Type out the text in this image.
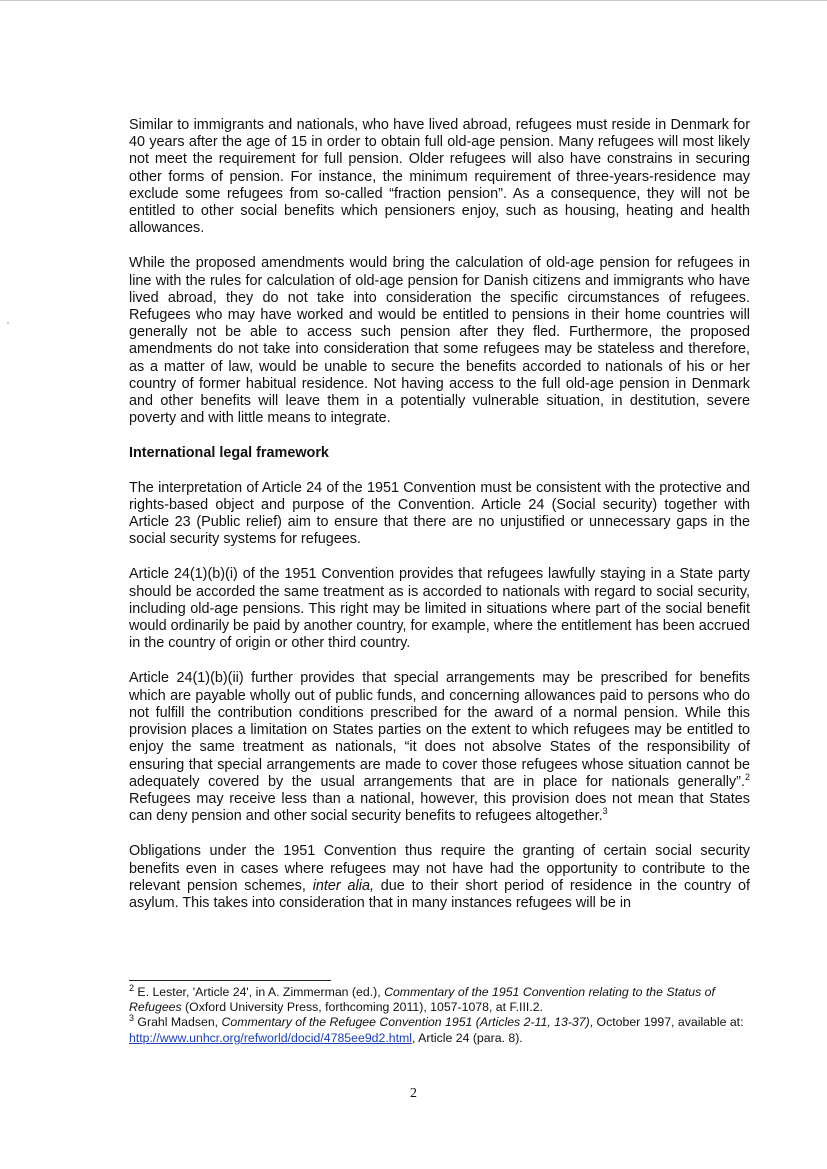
Similar to immigrants and nationals, who have lived abroad, refugees must reside in Denmark for 40 years after the age of 15 in order to obtain full old-age pension. Many refugees will most likely not meet the requirement for full pension. Older refugees will also have constrains in securing other forms of pension. For instance, the minimum requirement of three-years-residence may exclude some refugees from so-called “fraction pension”. As a consequence, they will not be entitled to other social benefits which pensioners enjoy, such as housing, heating and health allowances.

While the proposed amendments would bring the calculation of old-age pension for refugees in line with the rules for calculation of old-age pension for Danish citizens and immigrants who have lived abroad, they do not take into consideration the specific circumstances of refugees. Refugees who may have worked and would be entitled to pensions in their home countries will generally not be able to access such pension after they fled. Furthermore, the proposed amendments do not take into consideration that some refugees may be stateless and therefore, as a matter of law, would be unable to secure the benefits accorded to nationals of his or her country of former habitual residence. Not having access to the full old-age pension in Denmark and other benefits will leave them in a potentially vulnerable situation, in destitution, severe poverty and with little means to integrate.

International legal framework

The interpretation of Article 24 of the 1951 Convention must be consistent with the protective and rights-based object and purpose of the Convention. Article 24 (Social security) together with Article 23 (Public relief) aim to ensure that there are no unjustified or unnecessary gaps in the social security systems for refugees.

Article 24(1)(b)(i) of the 1951 Convention provides that refugees lawfully staying in a State party should be accorded the same treatment as is accorded to nationals with regard to social security, including old-age pensions. This right may be limited in situations where part of the social benefit would ordinarily be paid by another country, for example, where the entitlement has been accrued in the country of origin or other third country.

Article 24(1)(b)(ii) further provides that special arrangements may be prescribed for benefits which are payable wholly out of public funds, and concerning allowances paid to persons who do not fulfill the contribution conditions prescribed for the award of a normal pension. While this provision places a limitation on States parties on the extent to which refugees may be entitled to enjoy the same treatment as nationals, “it does not absolve States of the responsibility of ensuring that special arrangements are made to cover those refugees whose situation cannot be adequately covered by the usual arrangements that are in place for nationals generally”.$^2$ Refugees may receive less than a national, however, this provision does not mean that States can deny pension and other social security benefits to refugees altogether.$^3$

Obligations under the 1951 Convention thus require the granting of certain social security benefits even in cases where refugees may not have had the opportunity to contribute to the relevant pension schemes, inter alia, due to their short period of residence in the country of asylum. This takes into consideration that in many instances refugees will be in

$^2$ E. Lester, 'Article 24', in A. Zimmerman (ed.), Commentary of the 1951 Convention relating to the Status of Refugees (Oxford University Press, forthcoming 2011), 1057-1078, at F.III.2.

$^3$ Grahl Madsen, Commentary of the Refugee Convention 1951 (Articles 2-11, 13-37), October 1997, available at: http://www.unhcr.org/refworld/docid/4785ee9d2.html, Article 24 (para. 8).

2
